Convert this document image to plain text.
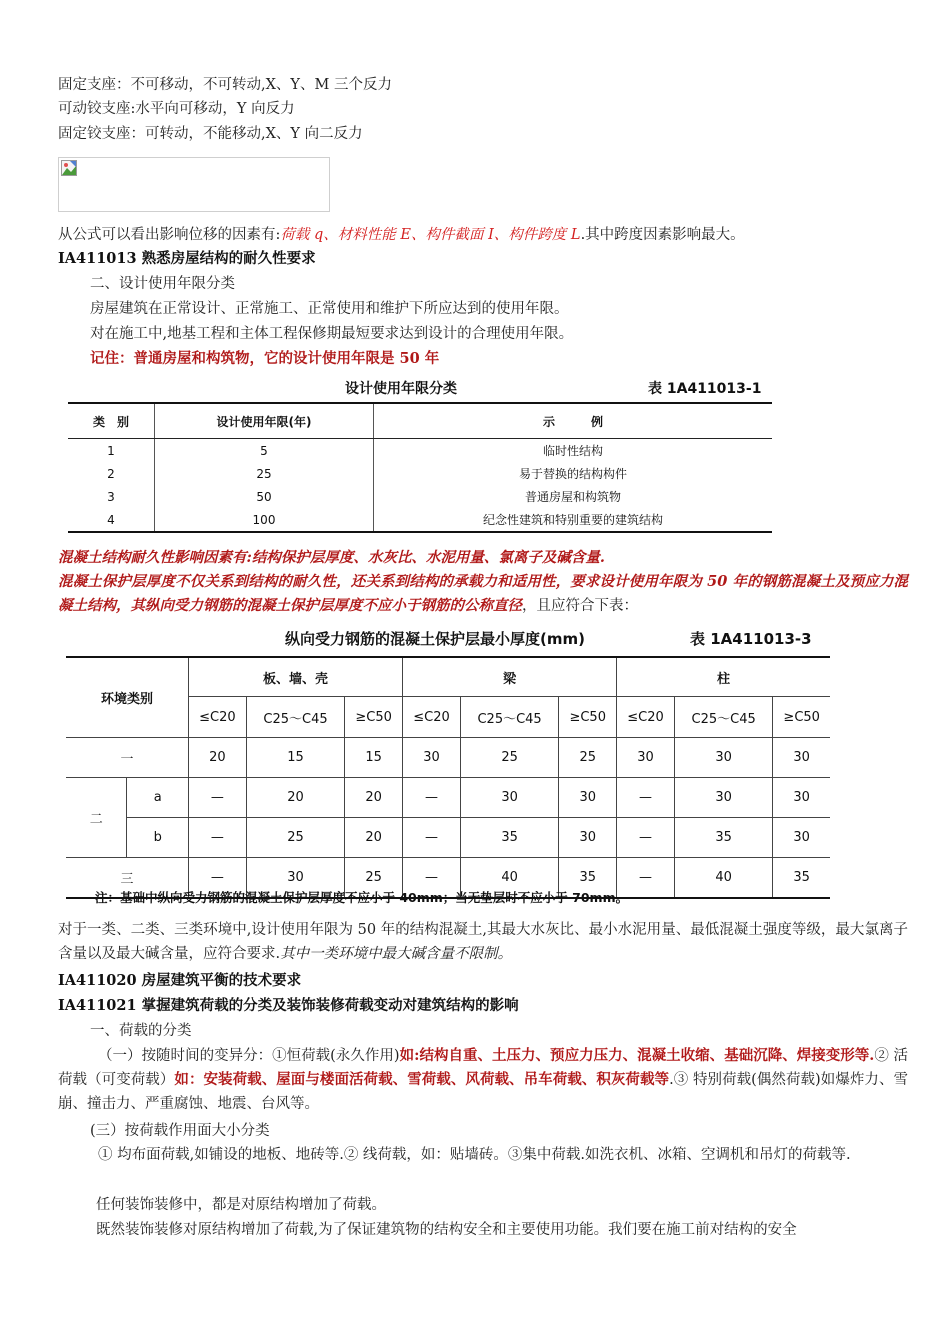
固定支座：不可移动，不可转动,X、Y、M 三个反力
可动铰支座:水平向可移动，Y 向反力
固定铰支座：可转动，不能移动,X、Y 向二反力
从公式可以看出影响位移的因素有:荷载 q、材料性能 E、构件截面 I、构件跨度 L.其中跨度因素影响最大。
IA411013 熟悉房屋结构的耐久性要求
二、设计使用年限分类
房屋建筑在正常设计、正常施工、正常使用和维护下所应达到的使用年限。
对在施工中,地基工程和主体工程保修期最短要求达到设计的合理使用年限。
记住：普通房屋和构筑物，它的设计使用年限是 50 年
设计使用年限分类	表 1A411013-1
类　别	设计使用年限(年)	示　　　例
1	5	临时性结构
2	25	易于替换的结构构件
3	50	普通房屋和构筑物
4	100	纪念性建筑和特别重要的建筑结构
混凝土结构耐久性影响因素有:结构保护层厚度、水灰比、水泥用量、氯离子及碱含量.
混凝土保护层厚度不仅关系到结构的耐久性，还关系到结构的承载力和适用性，要求设计使用年限为 50 年的钢筋混凝土及预应力混凝土结构，其纵向受力钢筋的混凝土保护层厚度不应小于钢筋的公称直径，且应符合下表：
纵向受力钢筋的混凝土保护层最小厚度(mm)	表 1A411013-3
环境类别		板、墙、壳			梁			柱		
		≤C20	C25～C45	≥C50	≤C20	C25～C45	≥C50	≤C20	C25～C45	≥C50
一		20	15	15	30	25	25	30	30	30
二	a	—	20	20	—	30	30	—	30	30
	b	—	25	20	—	35	30	—	35	30
三		—	30	25	—	40	35	—	40	35
注：基础中纵向受力钢筋的混凝土保护层厚度不应小于 40mm；当无垫层时不应小于 70mm。
对于一类、二类、三类环境中,设计使用年限为 50 年的结构混凝土,其最大水灰比、最小水泥用量、最低混凝土强度等级，最大氯离子含量以及最大碱含量，应符合要求.其中一类环境中最大碱含量不限制。
IA411020 房屋建筑平衡的技术要求
IA411021 掌握建筑荷载的分类及装饰装修荷载变动对建筑结构的影响
一、荷载的分类
（一）按随时间的变异分：①恒荷载(永久作用)如:结构自重、土压力、预应力压力、混凝土收缩、基础沉降、焊接变形等.② 活荷载（可变荷载）如：安装荷载、屋面与楼面活荷载、雪荷载、风荷载、吊车荷载、积灰荷载等.③ 特别荷载(偶然荷载)如爆炸力、雪崩、撞击力、严重腐蚀、地震、台风等。
(三）按荷载作用面大小分类
① 均布面荷载,如铺设的地板、地砖等.② 线荷载，如：贴墙砖。③集中荷载.如洗衣机、冰箱、空调机和吊灯的荷载等.
任何装饰装修中，都是对原结构增加了荷载。
既然装饰装修对原结构增加了荷载,为了保证建筑物的结构安全和主要使用功能。我们要在施工前对结构的安全
